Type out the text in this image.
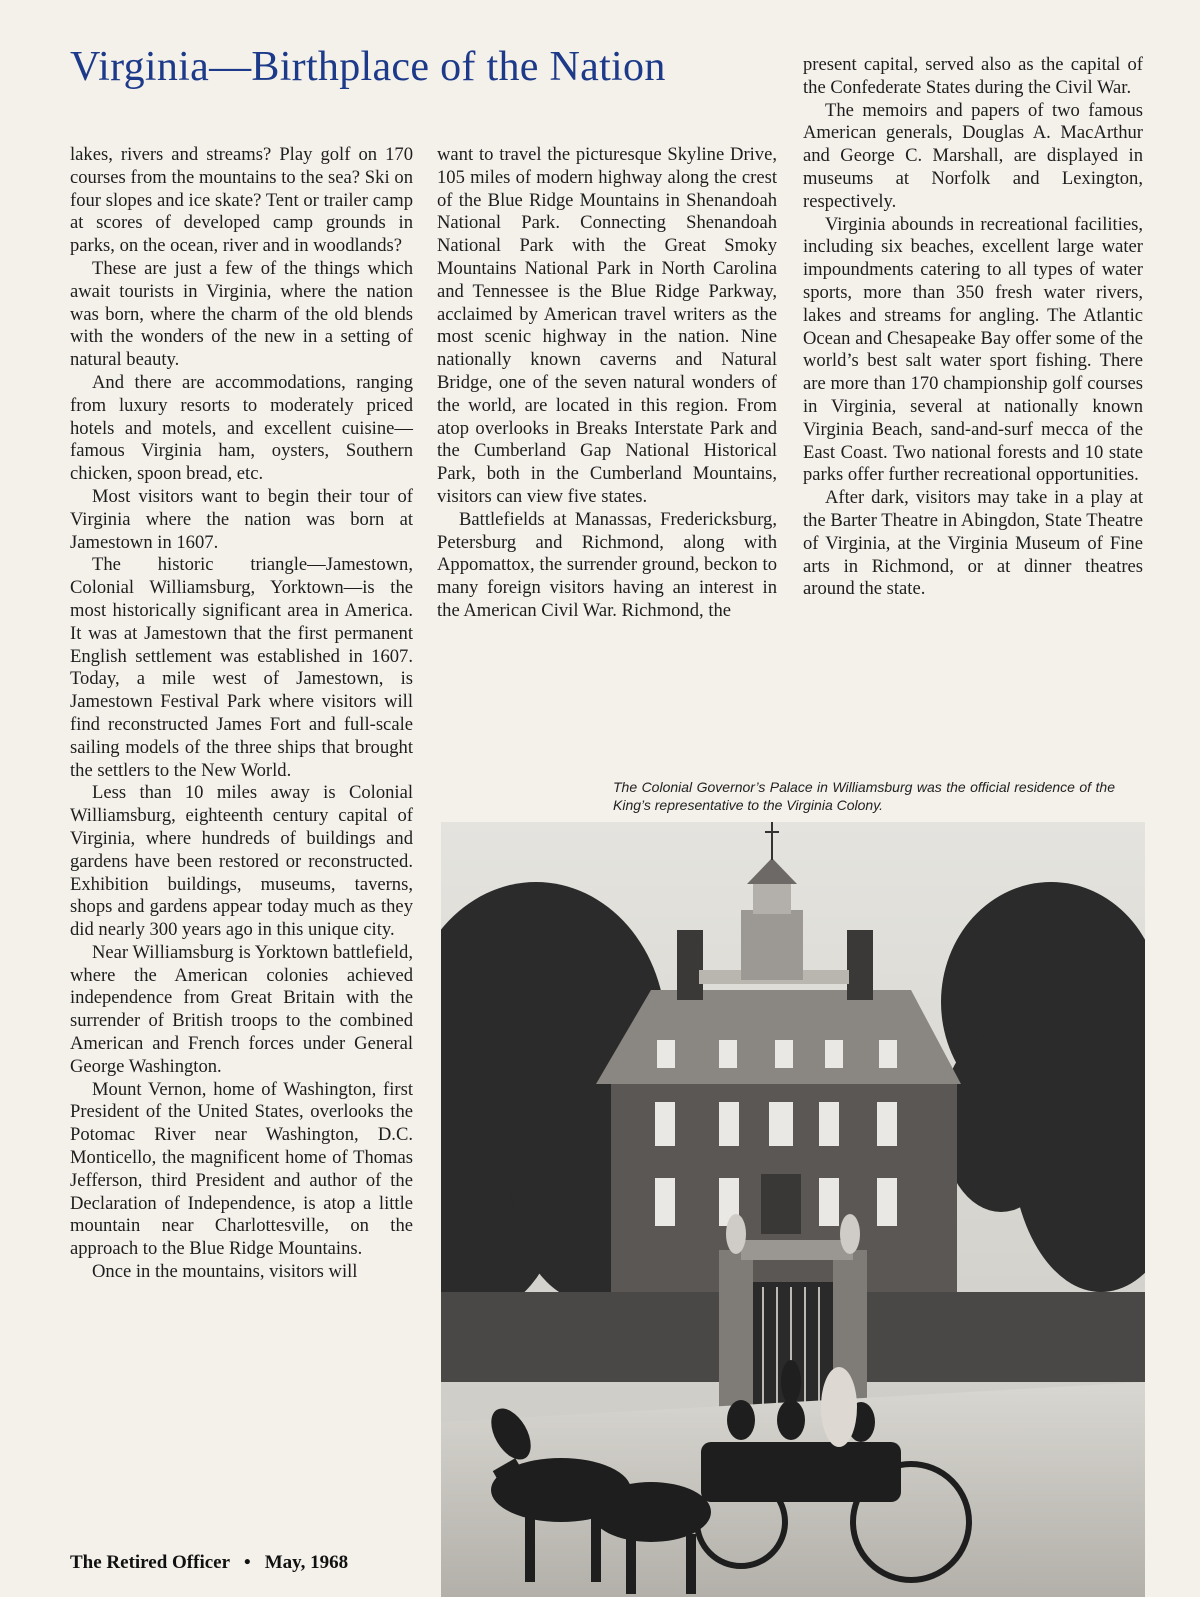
Virginia—Birthplace of the Nation

lakes, rivers and streams? Play golf on 170 courses from the mountains to the sea? Ski on four slopes and ice skate? Tent or trailer camp at scores of developed camp grounds in parks, on the ocean, river and in woodlands?

These are just a few of the things which await tourists in Virginia, where the nation was born, where the charm of the old blends with the wonders of the new in a setting of natural beauty.

And there are accommodations, ranging from luxury resorts to moderately priced hotels and motels, and excellent cuisine—famous Virginia ham, oysters, Southern chicken, spoon bread, etc.

Most visitors want to begin their tour of Virginia where the nation was born at Jamestown in 1607.

The historic triangle—Jamestown, Colonial Williamsburg, Yorktown—is the most historically significant area in America. It was at Jamestown that the first permanent English settlement was established in 1607. Today, a mile west of Jamestown, is Jamestown Festival Park where visitors will find reconstructed James Fort and full-scale sailing models of the three ships that brought the settlers to the New World.

Less than 10 miles away is Colonial Williamsburg, eighteenth century capital of Virginia, where hundreds of buildings and gardens have been restored or reconstructed. Exhibition buildings, museums, taverns, shops and gardens appear today much as they did nearly 300 years ago in this unique city.

Near Williamsburg is Yorktown battlefield, where the American colonies achieved independence from Great Britain with the surrender of British troops to the combined American and French forces under General George Washington.

Mount Vernon, home of Washington, first President of the United States, overlooks the Potomac River near Washington, D.C. Monticello, the magnificent home of Thomas Jefferson, third President and author of the Declaration of Independence, is atop a little mountain near Charlottesville, on the approach to the Blue Ridge Mountains.

Once in the mountains, visitors will

want to travel the picturesque Skyline Drive, 105 miles of modern highway along the crest of the Blue Ridge Mountains in Shenandoah National Park. Connecting Shenandoah National Park with the Great Smoky Mountains National Park in North Carolina and Tennessee is the Blue Ridge Parkway, acclaimed by American travel writers as the most scenic highway in the nation. Nine nationally known caverns and Natural Bridge, one of the seven natural wonders of the world, are located in this region. From atop overlooks in Breaks Interstate Park and the Cumberland Gap National Historical Park, both in the Cumberland Mountains, visitors can view five states.

Battlefields at Manassas, Fredericksburg, Petersburg and Richmond, along with Appomattox, the surrender ground, beckon to many foreign visitors having an interest in the American Civil War. Richmond, the

present capital, served also as the capital of the Confederate States during the Civil War.

The memoirs and papers of two famous American generals, Douglas A. MacArthur and George C. Marshall, are displayed in museums at Norfolk and Lexington, respectively.

Virginia abounds in recreational facilities, including six beaches, excellent large water impoundments catering to all types of water sports, more than 350 fresh water rivers, lakes and streams for angling. The Atlantic Ocean and Chesapeake Bay offer some of the world’s best salt water sport fishing. There are more than 170 championship golf courses in Virginia, several at nationally known Virginia Beach, sand-and-surf mecca of the East Coast. Two national forests and 10 state parks offer further recreational opportunities.

After dark, visitors may take in a play at the Barter Theatre in Abingdon, State Theatre of Virginia, at the Virginia Museum of Fine arts in Richmond, or at dinner theatres around the state.

The Colonial Governor’s Palace in Williamsburg was the official residence of the King’s representative to the Virginia Colony.
The Retired Officer • May, 1968
